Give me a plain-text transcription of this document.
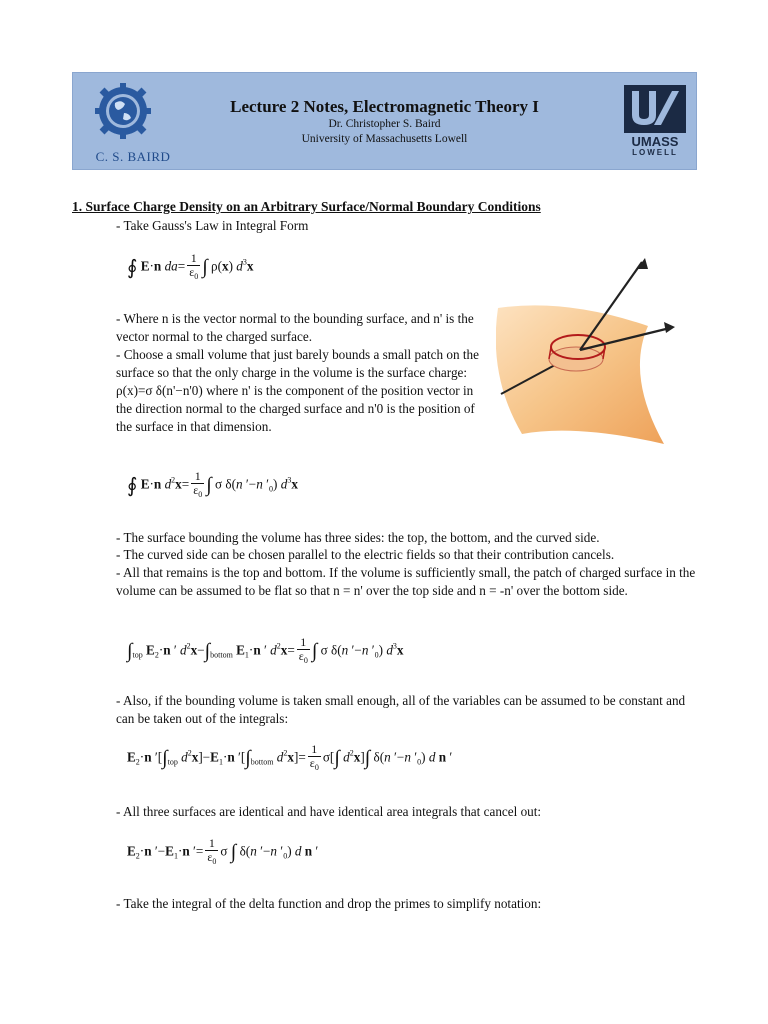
C. S. BAIRD
Lecture 2 Notes, Electromagnetic Theory I
Dr. Christopher S. Baird
University of Massachusetts Lowell	UMASS
LOWELL
1. Surface Charge Density on an Arbitrary Surface/Normal Boundary Conditions
- Take Gauss's Law in Integral Form
∮ E·n $da= \frac{1}{\varepsilon_0}$ ∫ ρ(x) $d^3x$
- Where n is the vector normal to the bounding surface, and n' is the vector normal to the charged surface.
- Choose a small volume that just barely bounds a small patch on the surface so that the only charge in the volume is the surface charge: ρ(x)=σ δ(n'−n'0) where n' is the component of the position vector in the direction normal to the charged surface and n'0 is the position of the surface in that dimension.
∮ E·n $d^2x= \frac{1}{\varepsilon_0}$ ∫ σ δ(n ′−n $'_0$) $d^3x$
- The surface bounding the volume has three sides: the top, the bottom, and the curved side.
- The curved side can be chosen parallel to the electric fields so that their contribution cancels.
- All that remains is the top and bottom. If the volume is sufficiently small, the patch of charged surface in the volume can be assumed to be flat so that n = n' over the top side and n = -n' over the bottom side.
$\int_{top}$ $E_2\cdot n$ ′ $d^2x-\int_{bottom}$ $E_1\cdot n$ ′ $d^2x= \frac{1}{\varepsilon_0}$ ∫ σ δ(n ′−n $'_0$) $d^3x$
- Also, if the bounding volume is taken small enough, all of the variables can be assumed to be constant and can be taken out of the integrals:
$E_2\cdot n$ $'[\int_{top}$ $d^2x]-E_1\cdot n$ $'[\int_{bottom}$ $d^2x]= \frac{1}{\varepsilon_0} \sigma[\int$ $d^2x]\int$ δ(n ′−n $'_0$) d n ′
- All three surfaces are identical and have identical area integrals that cancel out:
$E_2\cdot n$ $'-E_1\cdot n$ ′= $\frac{1}{\varepsilon_0}$ σ ∫ δ(n ′−n $'_0$) d n ′
- Take the integral of the delta function and drop the primes to simplify notation:
